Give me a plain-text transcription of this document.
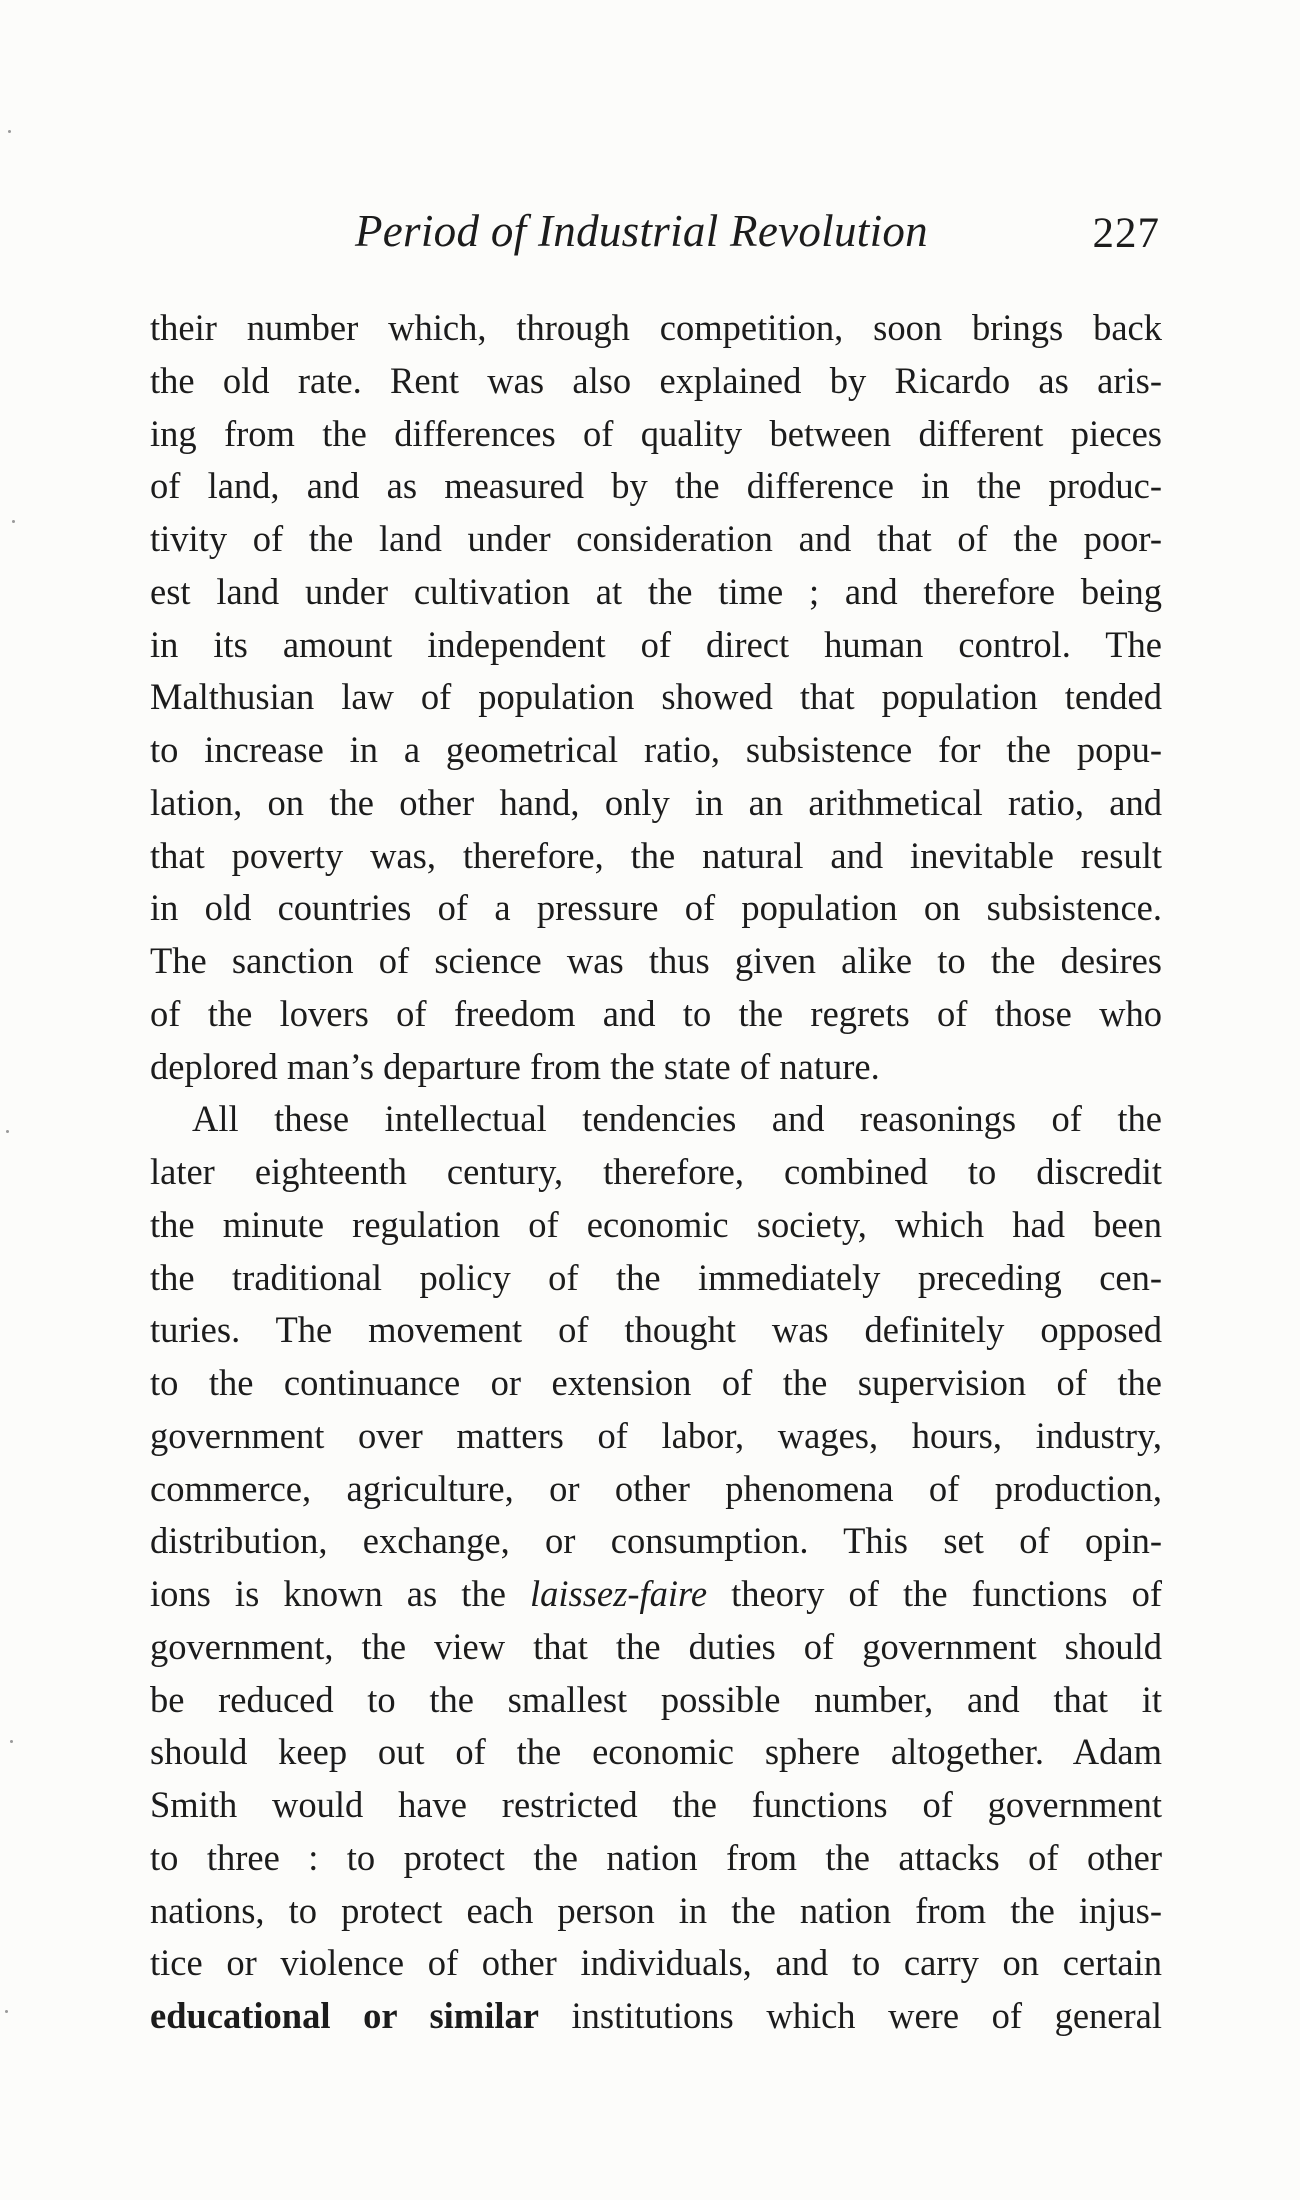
Period of Industrial Revolution	227
their number which, through competition, soon brings back
the old rate. Rent was also explained by Ricardo as aris-
ing from the differences of quality between different pieces
of land, and as measured by the difference in the produc-
tivity of the land under consideration and that of the poor-
est land under cultivation at the time ; and therefore being
in its amount independent of direct human control. The
Malthusian law of population showed that population tended
to increase in a geometrical ratio, subsistence for the popu-
lation, on the other hand, only in an arithmetical ratio, and
that poverty was, therefore, the natural and inevitable result
in old countries of a pressure of population on subsistence.
The sanction of science was thus given alike to the desires
of the lovers of freedom and to the regrets of those who
deplored man’s departure from the state of nature.
All these intellectual tendencies and reasonings of the
later eighteenth century, therefore, combined to discredit
the minute regulation of economic society, which had been
the traditional policy of the immediately preceding cen-
turies. The movement of thought was definitely opposed
to the continuance or extension of the supervision of the
government over matters of labor, wages, hours, industry,
commerce, agriculture, or other phenomena of production,
distribution, exchange, or consumption. This set of opin-
ions is known as the laissez-faire theory of the functions of
government, the view that the duties of government should
be reduced to the smallest possible number, and that it
should keep out of the economic sphere altogether. Adam
Smith would have restricted the functions of government
to three : to protect the nation from the attacks of other
nations, to protect each person in the nation from the injus-
tice or violence of other individuals, and to carry on certain
educational or similar institutions which were of general
